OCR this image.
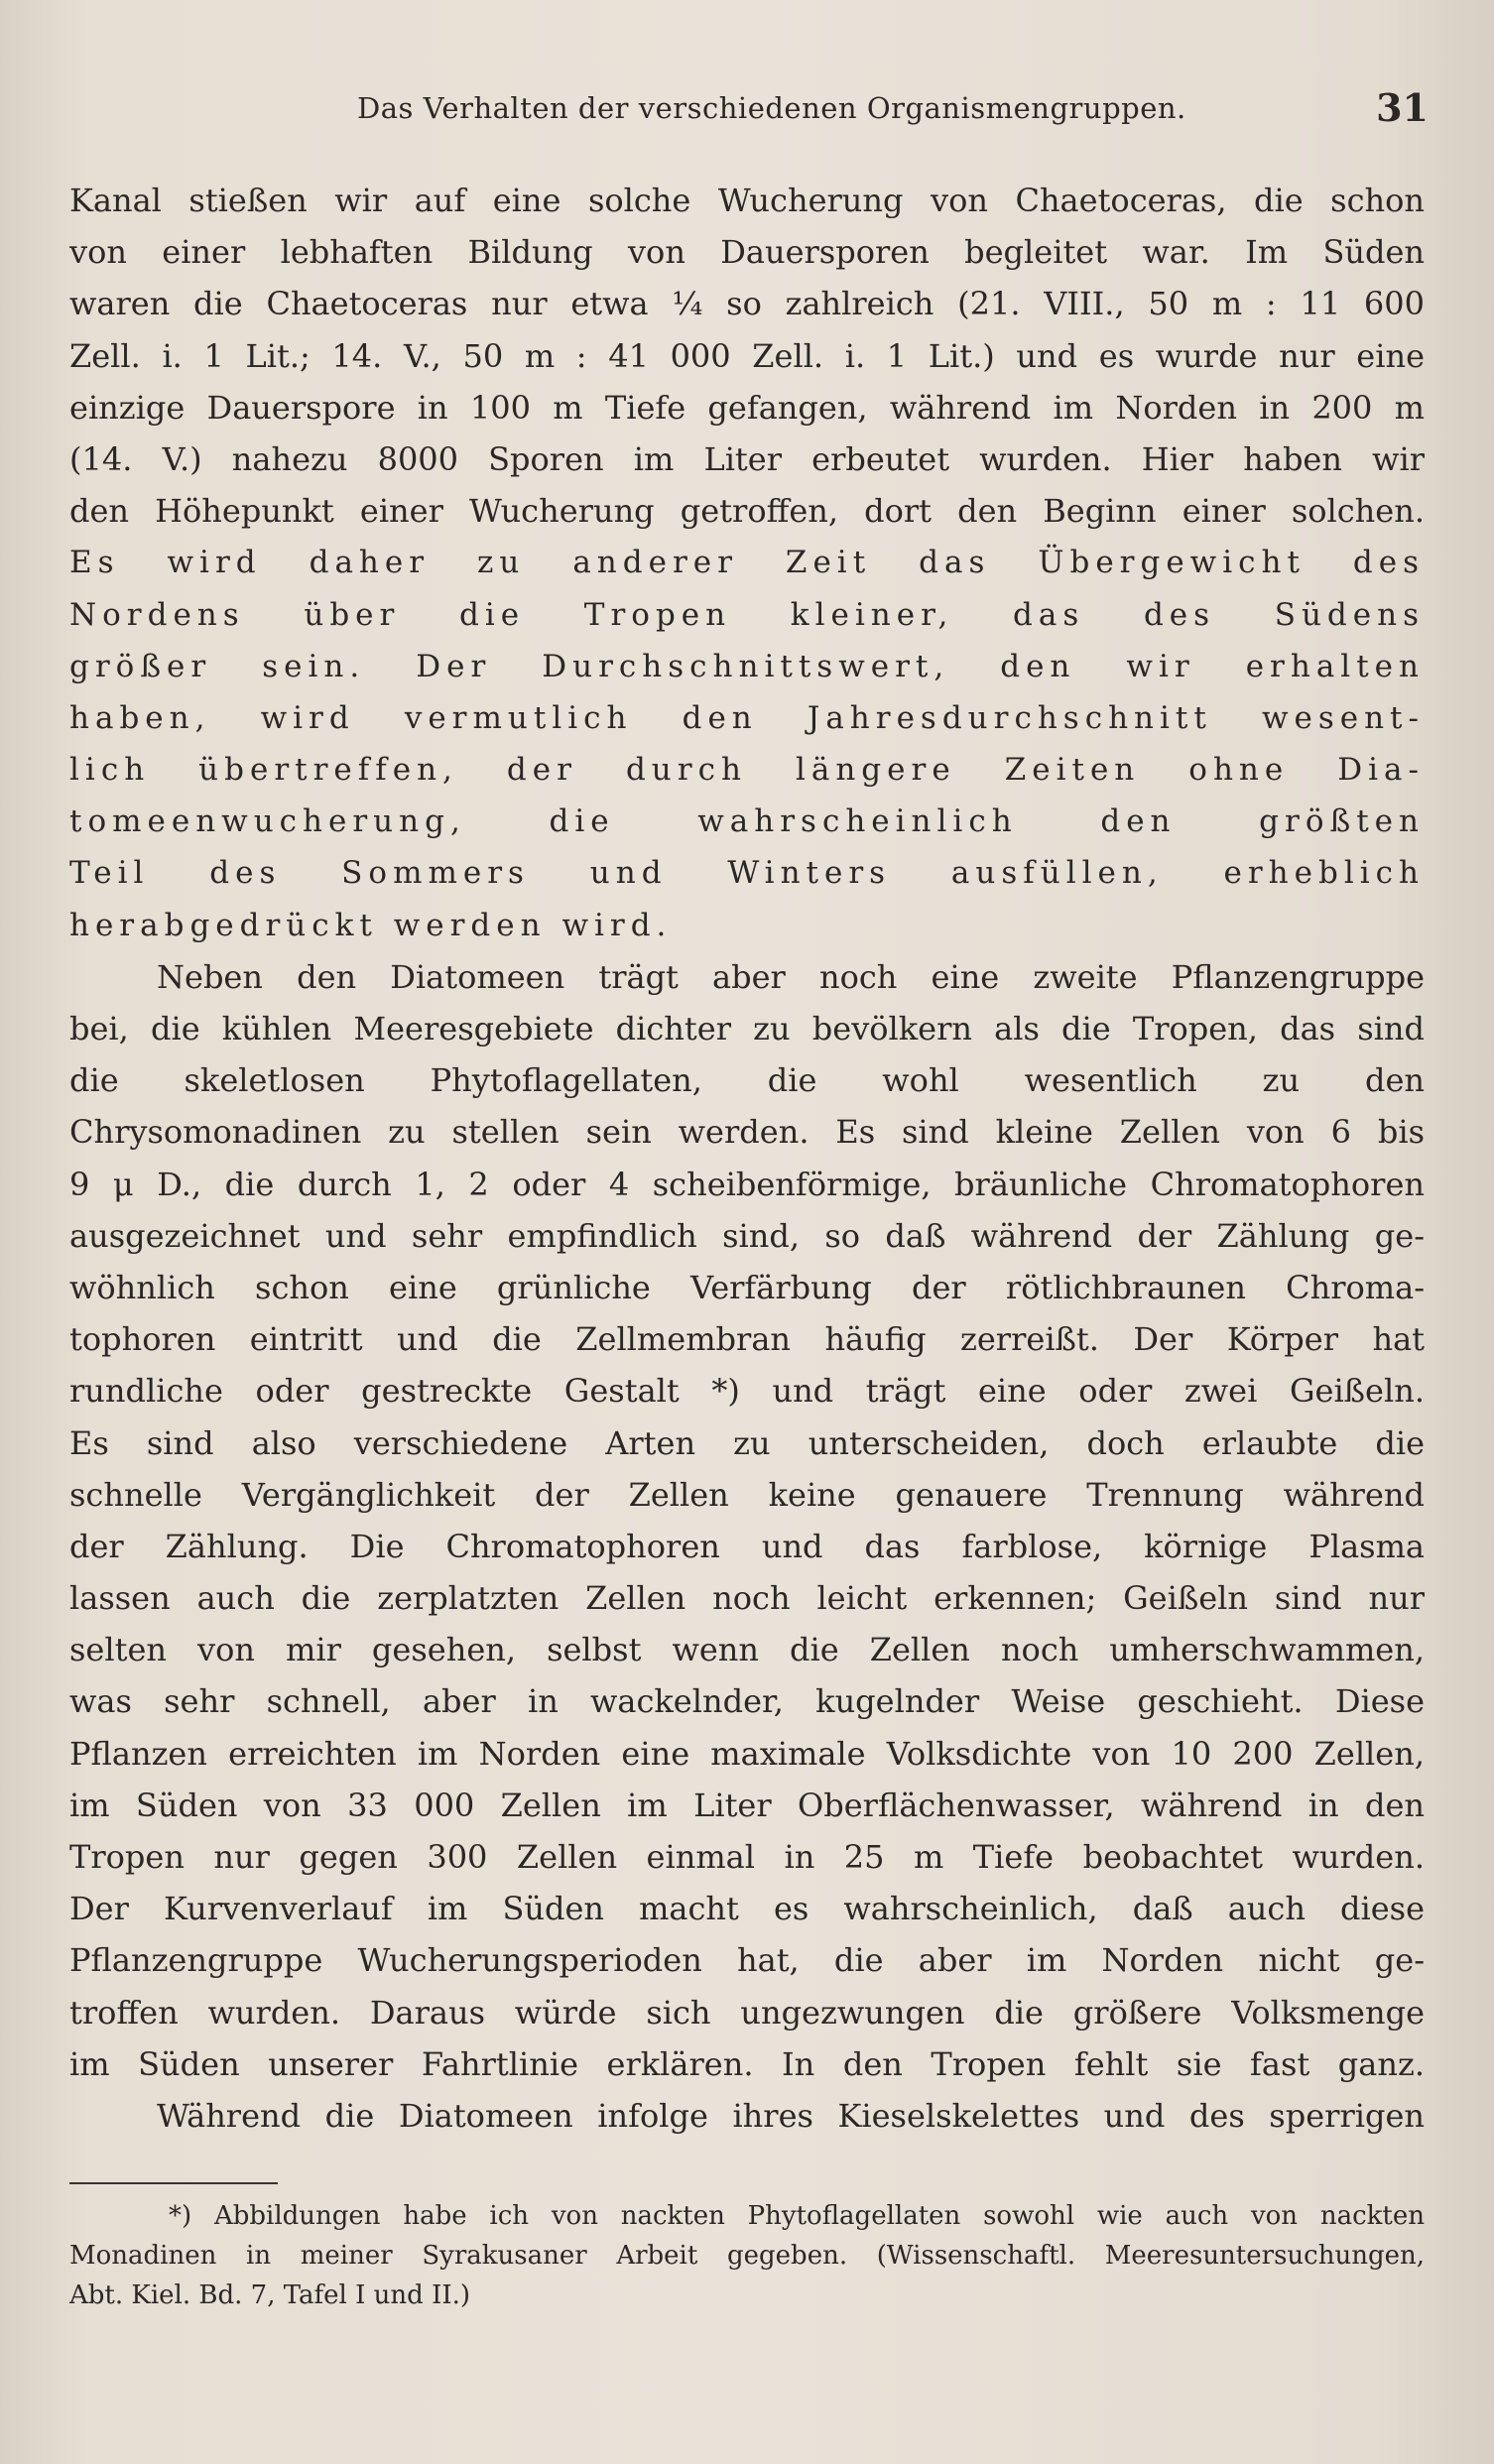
Das Verhalten der verschiedenen Organismengruppen.	31
Kanal stießen wir auf eine solche Wucherung von Chaetoceras, die schon
von einer lebhaften Bildung von Dauersporen begleitet war. Im Süden
waren die Chaetoceras nur etwa ¼ so zahlreich (21. VIII., 50 m : 11 600
Zell. i. 1 Lit.; 14. V., 50 m : 41 000 Zell. i. 1 Lit.) und es wurde nur eine
einzige Dauerspore in 100 m Tiefe gefangen, während im Norden in 200 m
(14. V.) nahezu 8000 Sporen im Liter erbeutet wurden. Hier haben wir
den Höhepunkt einer Wucherung getroffen, dort den Beginn einer solchen.
Es wird daher zu anderer Zeit das Übergewicht des
Nordens über die Tropen kleiner, das des Südens
größer sein. Der Durchschnittswert, den wir erhalten
haben, wird vermutlich den Jahresdurchschnitt wesent-
lich übertreffen, der durch längere Zeiten ohne Dia-
tomeenwucherung, die wahrscheinlich den größten
Teil des Sommers und Winters ausfüllen, erheblich
herabgedrückt werden wird.
Neben den Diatomeen trägt aber noch eine zweite Pflanzengruppe
bei, die kühlen Meeresgebiete dichter zu bevölkern als die Tropen, das sind
die skeletlosen Phytoflagellaten, die wohl wesentlich zu den
Chrysomonadinen zu stellen sein werden. Es sind kleine Zellen von 6 bis
9 μ D., die durch 1, 2 oder 4 scheibenförmige, bräunliche Chromatophoren
ausgezeichnet und sehr empfindlich sind, so daß während der Zählung ge-
wöhnlich schon eine grünliche Verfärbung der rötlichbraunen Chroma-
tophoren eintritt und die Zellmembran häufig zerreißt. Der Körper hat
rundliche oder gestreckte Gestalt *) und trägt eine oder zwei Geißeln.
Es sind also verschiedene Arten zu unterscheiden, doch erlaubte die
schnelle Vergänglichkeit der Zellen keine genauere Trennung während
der Zählung. Die Chromatophoren und das farblose, körnige Plasma
lassen auch die zerplatzten Zellen noch leicht erkennen; Geißeln sind nur
selten von mir gesehen, selbst wenn die Zellen noch umherschwammen,
was sehr schnell, aber in wackelnder, kugelnder Weise geschieht. Diese
Pflanzen erreichten im Norden eine maximale Volksdichte von 10 200 Zellen,
im Süden von 33 000 Zellen im Liter Oberflächenwasser, während in den
Tropen nur gegen 300 Zellen einmal in 25 m Tiefe beobachtet wurden.
Der Kurvenverlauf im Süden macht es wahrscheinlich, daß auch diese
Pflanzengruppe Wucherungsperioden hat, die aber im Norden nicht ge-
troffen wurden. Daraus würde sich ungezwungen die größere Volksmenge
im Süden unserer Fahrtlinie erklären. In den Tropen fehlt sie fast ganz.
Während die Diatomeen infolge ihres Kieselskelettes und des sperrigen
*) Abbildungen habe ich von nackten Phytoflagellaten sowohl wie auch von nackten
Monadinen in meiner Syrakusaner Arbeit gegeben. (Wissenschaftl. Meeresuntersuchungen,
Abt. Kiel. Bd. 7, Tafel I und II.)
